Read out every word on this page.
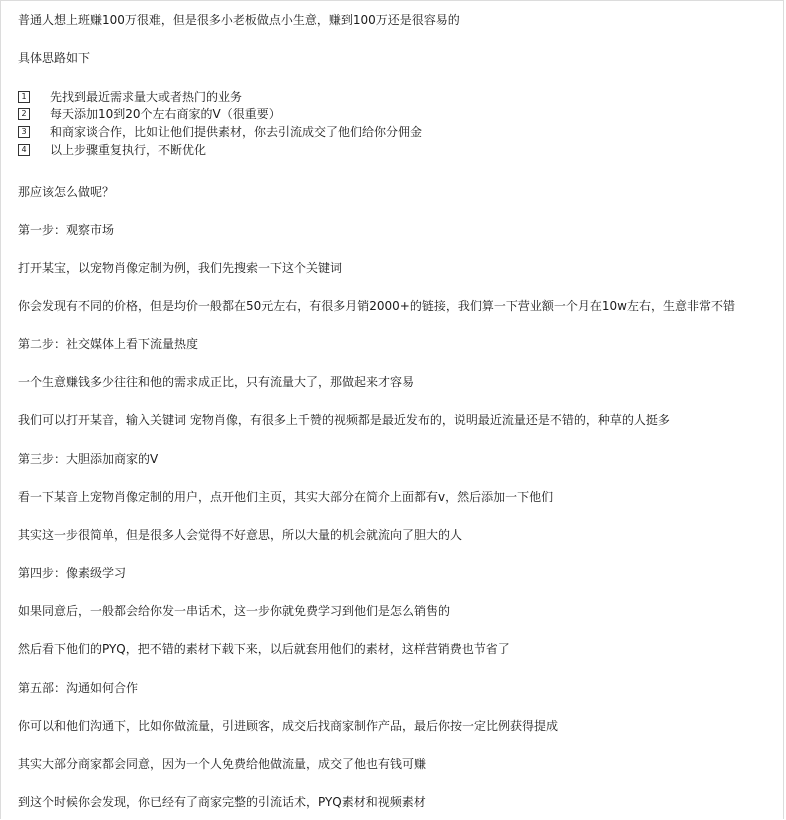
普通人想上班赚100万很难，但是很多小老板做点小生意，赚到100万还是很容易的

具体思路如下

1 先找到最近需求量大或者热门的业务
2 每天添加10到20个左右商家的V（很重要）
3 和商家谈合作，比如让他们提供素材，你去引流成交了他们给你分佣金
4 以上步骤重复执行，不断优化

那应该怎么做呢？

第一步：观察市场

打开某宝，以宠物肖像定制为例，我们先搜索一下这个关键词

你会发现有不同的价格，但是均价一般都在50元左右，有很多月销2000+的链接，我们算一下营业额一个月在10w左右，生意非常不错

第二步：社交媒体上看下流量热度

一个生意赚钱多少往往和他的需求成正比，只有流量大了，那做起来才容易

我们可以打开某音，输入关键词 宠物肖像，有很多上千赞的视频都是最近发布的，说明最近流量还是不错的，种草的人挺多

第三步：大胆添加商家的V

看一下某音上宠物肖像定制的用户，点开他们主页，其实大部分在简介上面都有v，然后添加一下他们

其实这一步很简单，但是很多人会觉得不好意思，所以大量的机会就流向了胆大的人

第四步：像素级学习

如果同意后，一般都会给你发一串话术，这一步你就免费学习到他们是怎么销售的

然后看下他们的PYQ，把不错的素材下载下来，以后就套用他们的素材，这样营销费也节省了

第五部：沟通如何合作

你可以和他们沟通下，比如你做流量，引进顾客，成交后找商家制作产品，最后你按一定比例获得提成

其实大部分商家都会同意，因为一个人免费给他做流量，成交了他也有钱可赚

到这个时候你会发现，你已经有了商家完整的引流话术，PYQ素材和视频素材
